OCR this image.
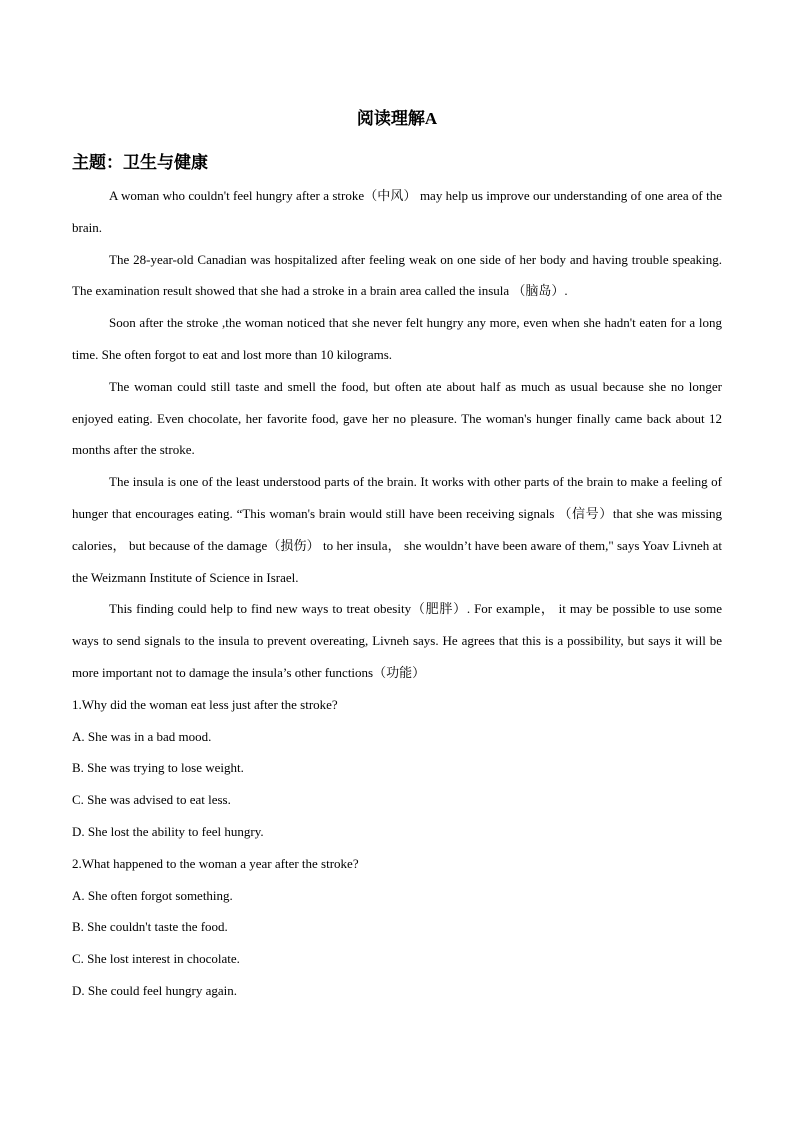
阅读理解A
主题：卫生与健康

A woman who couldn't feel hungry after a stroke（中风） may help us improve our understanding of one area of the brain.

The 28-year-old Canadian was hospitalized after feeling weak on one side of her body and having trouble speaking. The examination result showed that she had a stroke in a brain area called the insula （脑岛）.

Soon after the stroke ,the woman noticed that she never felt hungry any more, even when she hadn't eaten for a long time. She often forgot to eat and lost more than 10 kilograms.

The woman could still taste and smell the food, but often ate about half as much as usual because she no longer enjoyed eating. Even chocolate, her favorite food, gave her no pleasure. The woman's hunger finally came back about 12 months after the stroke.

The insula is one of the least understood parts of the brain. It works with other parts of the brain to make a feeling of hunger that encourages eating. “This woman's brain would still have been receiving signals （信号）that she was missing calories， but because of the damage（损伤） to her insula， she wouldn’t have been aware of them," says Yoav Livneh at the Weizmann Institute of Science in Israel.

This finding could help to find new ways to treat obesity（肥胖）. For example， it may be possible to use some ways to send signals to the insula to prevent overeating, Livneh says. He agrees that this is a possibility, but says it will be more important not to damage the insula’s other functions（功能）

1.Why did the woman eat less just after the stroke?

A. She was in a bad mood.

B. She was trying to lose weight.

C. She was advised to eat less.

D. She lost the ability to feel hungry.

2.What happened to the woman a year after the stroke?

A. She often forgot something.

B. She couldn't taste the food.

C. She lost interest in chocolate.

D. She could feel hungry again.
